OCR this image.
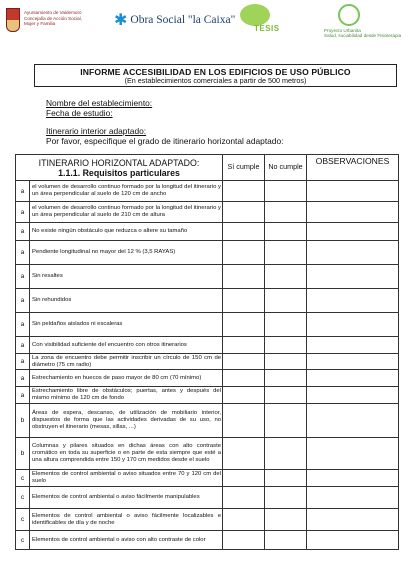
Ayuntamiento de Valdemoro
Concejalía de Acción Social,
Mujer y Familia	✱ Obra Social "la Caixa"
TESIS	Proyecto Urbanita
Salud, sociabilidad desde Fisioterapia
INFORME ACCESIBILIDAD EN LOS EDIFICIOS DE USO PÚBLICO
(En establecimientos comerciales a partir de 500 metros)
Nombre del establecimiento:
Fecha de estudio:
Itinerario interior adaptado:
Por favor, especifique el grado de itinerario horizontal adaptado:
ITINERARIO HORIZONTAL ADAPTADO:
1.1.1. Requisitos particulares		Sí cumple	No cumple	OBSERVACIONES
a	el volumen de desarrollo continuo formado por la longitud del itinerario y un área perpendicular al suelo de 120 cm de ancho			
a	el volumen de desarrollo continuo formado por la longitud del itinerario y un área perpendicular al suelo de 210 cm de altura			
a	No existe ningún obstáculo que reduzca o altere su tamaño			
a	Pendiente longitudinal no mayor del 12 % (3,5 RAYAS)			
a	Sin resaltes			
a	Sin rehundidos			
a	Sin peldaños aislados ni escaleras			
a	Con visibilidad suficiente del encuentro con otros itinerarios			
a	La zona de encuentro debe permitir inscribir un círculo de 150 cm de diámetro (75 cm radio)			
a	Estrechamiento en huecos de paso mayor de 80 cm (70 mínimo)			
a	Estrechamiento libre de obstáculos; puertas, antes y después del mismo mínimo de 120 cm de fondo			
b	Áreas de espera, descanso, de utilización de mobiliario interior, dispuestos de forma que las actividades derivadas de su uso, no obstruyen el itinerario (mesas, sillas, ...)			
b	Columnas y pilares situados en dichas áreas con alto contraste cromático en toda su superficie o en parte de esta siempre que esté a una altura comprendida entre 150 y 170 cm medidos desde el suelo			
c	Elementos de control ambiental o aviso situados entre 70 y 120 cm del suelo			
c	Elementos de control ambiental o aviso fácilmente manipulables			
c	Elementos de control ambiental o aviso fácilmente localizables e identificables de día y de noche			
c	Elementos de control ambiental o aviso con alto contraste de color			
